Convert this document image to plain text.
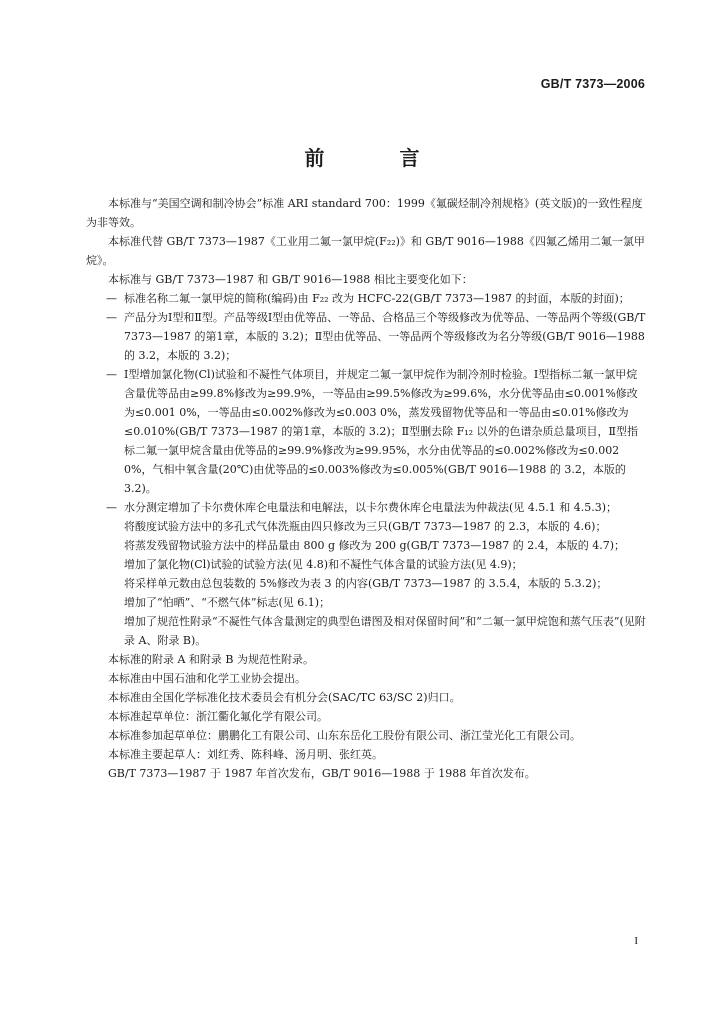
GB/T 7373—2006
前 言

本标准与“美国空调和制冷协会”标准 ARI standard 700：1999《氟碳烃制冷剂规格》(英文版)的一致性程度为非等效。

本标准代替 GB/T 7373—1987《工业用二氟一氯甲烷(F₂₂)》和 GB/T 9016—1988《四氟乙烯用二氟一氯甲烷》。

本标准与 GB/T 7373—1987 和 GB/T 9016—1988 相比主要变化如下：

— 标准名称二氟一氯甲烷的简称(编码)由 F₂₂ 改为 HCFC-22(GB/T 7373—1987 的封面，本版的封面)；
— 产品分为Ⅰ型和Ⅱ型。产品等级Ⅰ型由优等品、一等品、合格品三个等级修改为优等品、一等品两个等级(GB/T 7373—1987 的第1章，本版的 3.2)；Ⅱ型由优等品、一等品两个等级修改为名分等级(GB/T 9016—1988 的 3.2，本版的 3.2)；
— Ⅰ型增加氯化物(Cl)试验和不凝性气体项目，并规定二氟一氯甲烷作为制冷剂时检验。Ⅰ型指标二氟一氯甲烷含量优等品由≥99.8%修改为≥99.9%，一等品由≥99.5%修改为≥99.6%，水分优等品由≤0.001%修改为≤0.001 0%，一等品由≤0.002%修改为≤0.003 0%，蒸发残留物优等品和一等品由≤0.01%修改为≤0.010%(GB/T 7373—1987 的第1章，本版的 3.2)；Ⅱ型删去除 F₁₂ 以外的色谱杂质总量项目，Ⅱ型指标二氟一氯甲烷含量由优等品的≥99.9%修改为≥99.95%，水分由优等品的≤0.002%修改为≤0.002 0%，气相中氧含量(20℃)由优等品的≤0.003%修改为≤0.005%(GB/T 9016—1988 的 3.2，本版的 3.2)。
— 水分测定增加了卡尔费休库仑电量法和电解法，以卡尔费休库仑电量法为仲裁法(见 4.5.1 和 4.5.3)；
将酸度试验方法中的多孔式气体洗瓶由四只修改为三只(GB/T 7373—1987 的 2.3，本版的 4.6)；
将蒸发残留物试验方法中的样品量由 800 g 修改为 200 g(GB/T 7373—1987 的 2.4，本版的 4.7)；
增加了氯化物(Cl)试验的试验方法(见 4.8)和不凝性气体含量的试验方法(见 4.9)；
将采样单元数由总包装数的 5%修改为表 3 的内容(GB/T 7373—1987 的 3.5.4，本版的 5.3.2)；
增加了“怕晒”、“不燃气体”标志(见 6.1)；
增加了规范性附录“不凝性气体含量测定的典型色谱图及相对保留时间”和“二氟一氯甲烷饱和蒸气压表”(见附录 A、附录 B)。

本标准的附录 A 和附录 B 为规范性附录。

本标准由中国石油和化学工业协会提出。

本标准由全国化学标准化技术委员会有机分会(SAC/TC 63/SC 2)归口。

本标准起草单位：浙江衢化氟化学有限公司。

本标准参加起草单位：鹏鹏化工有限公司、山东东岳化工股份有限公司、浙江莹光化工有限公司。

本标准主要起草人：刘红秀、陈科峰、汤月明、张红英。

GB/T 7373—1987 于 1987 年首次发布，GB/T 9016—1988 于 1988 年首次发布。

I
